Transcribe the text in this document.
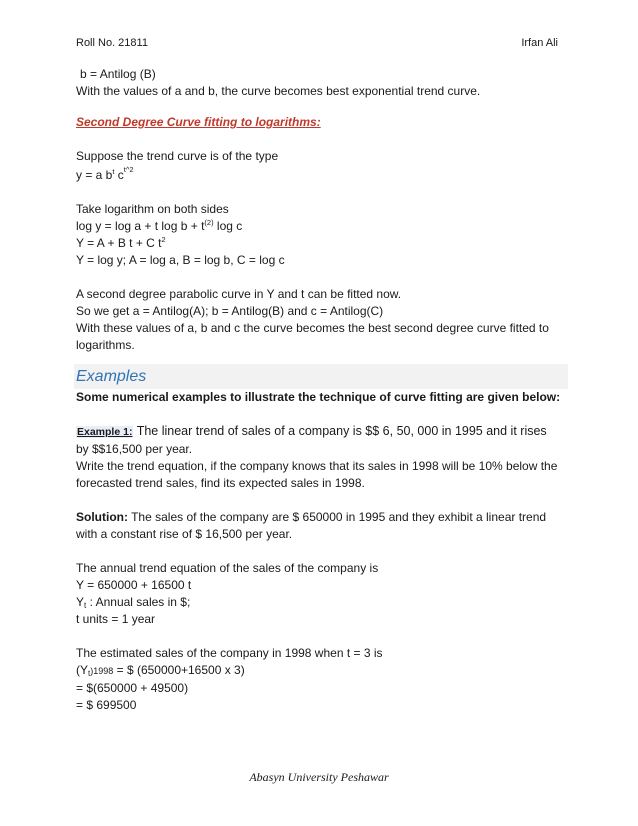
Roll No. 21811	Irfan Ali
b = Antilog (B)
With the values of a and b, the curve becomes best exponential trend curve.
Second Degree Curve fitting to logarithms:
Suppose the trend curve is of the type
y = a $b^t$ $c^{t\^{}2}$
Take logarithm on both sides
log y = log a + t $\log b + t^{(2)}$ log c
Y = A + B t + C $t^2$
Y = log y; A = log a, B = log b, C = log c
A second degree parabolic curve in Y and t can be fitted now.
So we get a = Antilog(A); b = Antilog(B) and c = Antilog(C)
With these values of a, b and c the curve becomes the best second degree curve fitted to logarithms.
Examples
Some numerical examples to illustrate the technique of curve fitting are given below:
Example 1: The linear trend of sales of a company is $$ 6, 50, 000 in 1995 and it rises
by $$16,500 per year.
Write the trend equation, if the company knows that its sales in 1998 will be 10% below the forecasted trend sales, find its expected sales in 1998.
Solution: The sales of the company are $ 650000 in 1995 and they exhibit a linear trend
with a constant rise of $ 16,500 per year.
The annual trend equation of the sales of the company is
Y = 650000 + 16500 t
$Y_t$ : Annual sales in $;
t units = 1 year
The estimated sales of the company in 1998 when t = 3 is
$(Y_t)1998$ = $ (650000+16500 x 3)
= $(650000 + 49500)
= $ 699500
Abasyn University Peshawar
